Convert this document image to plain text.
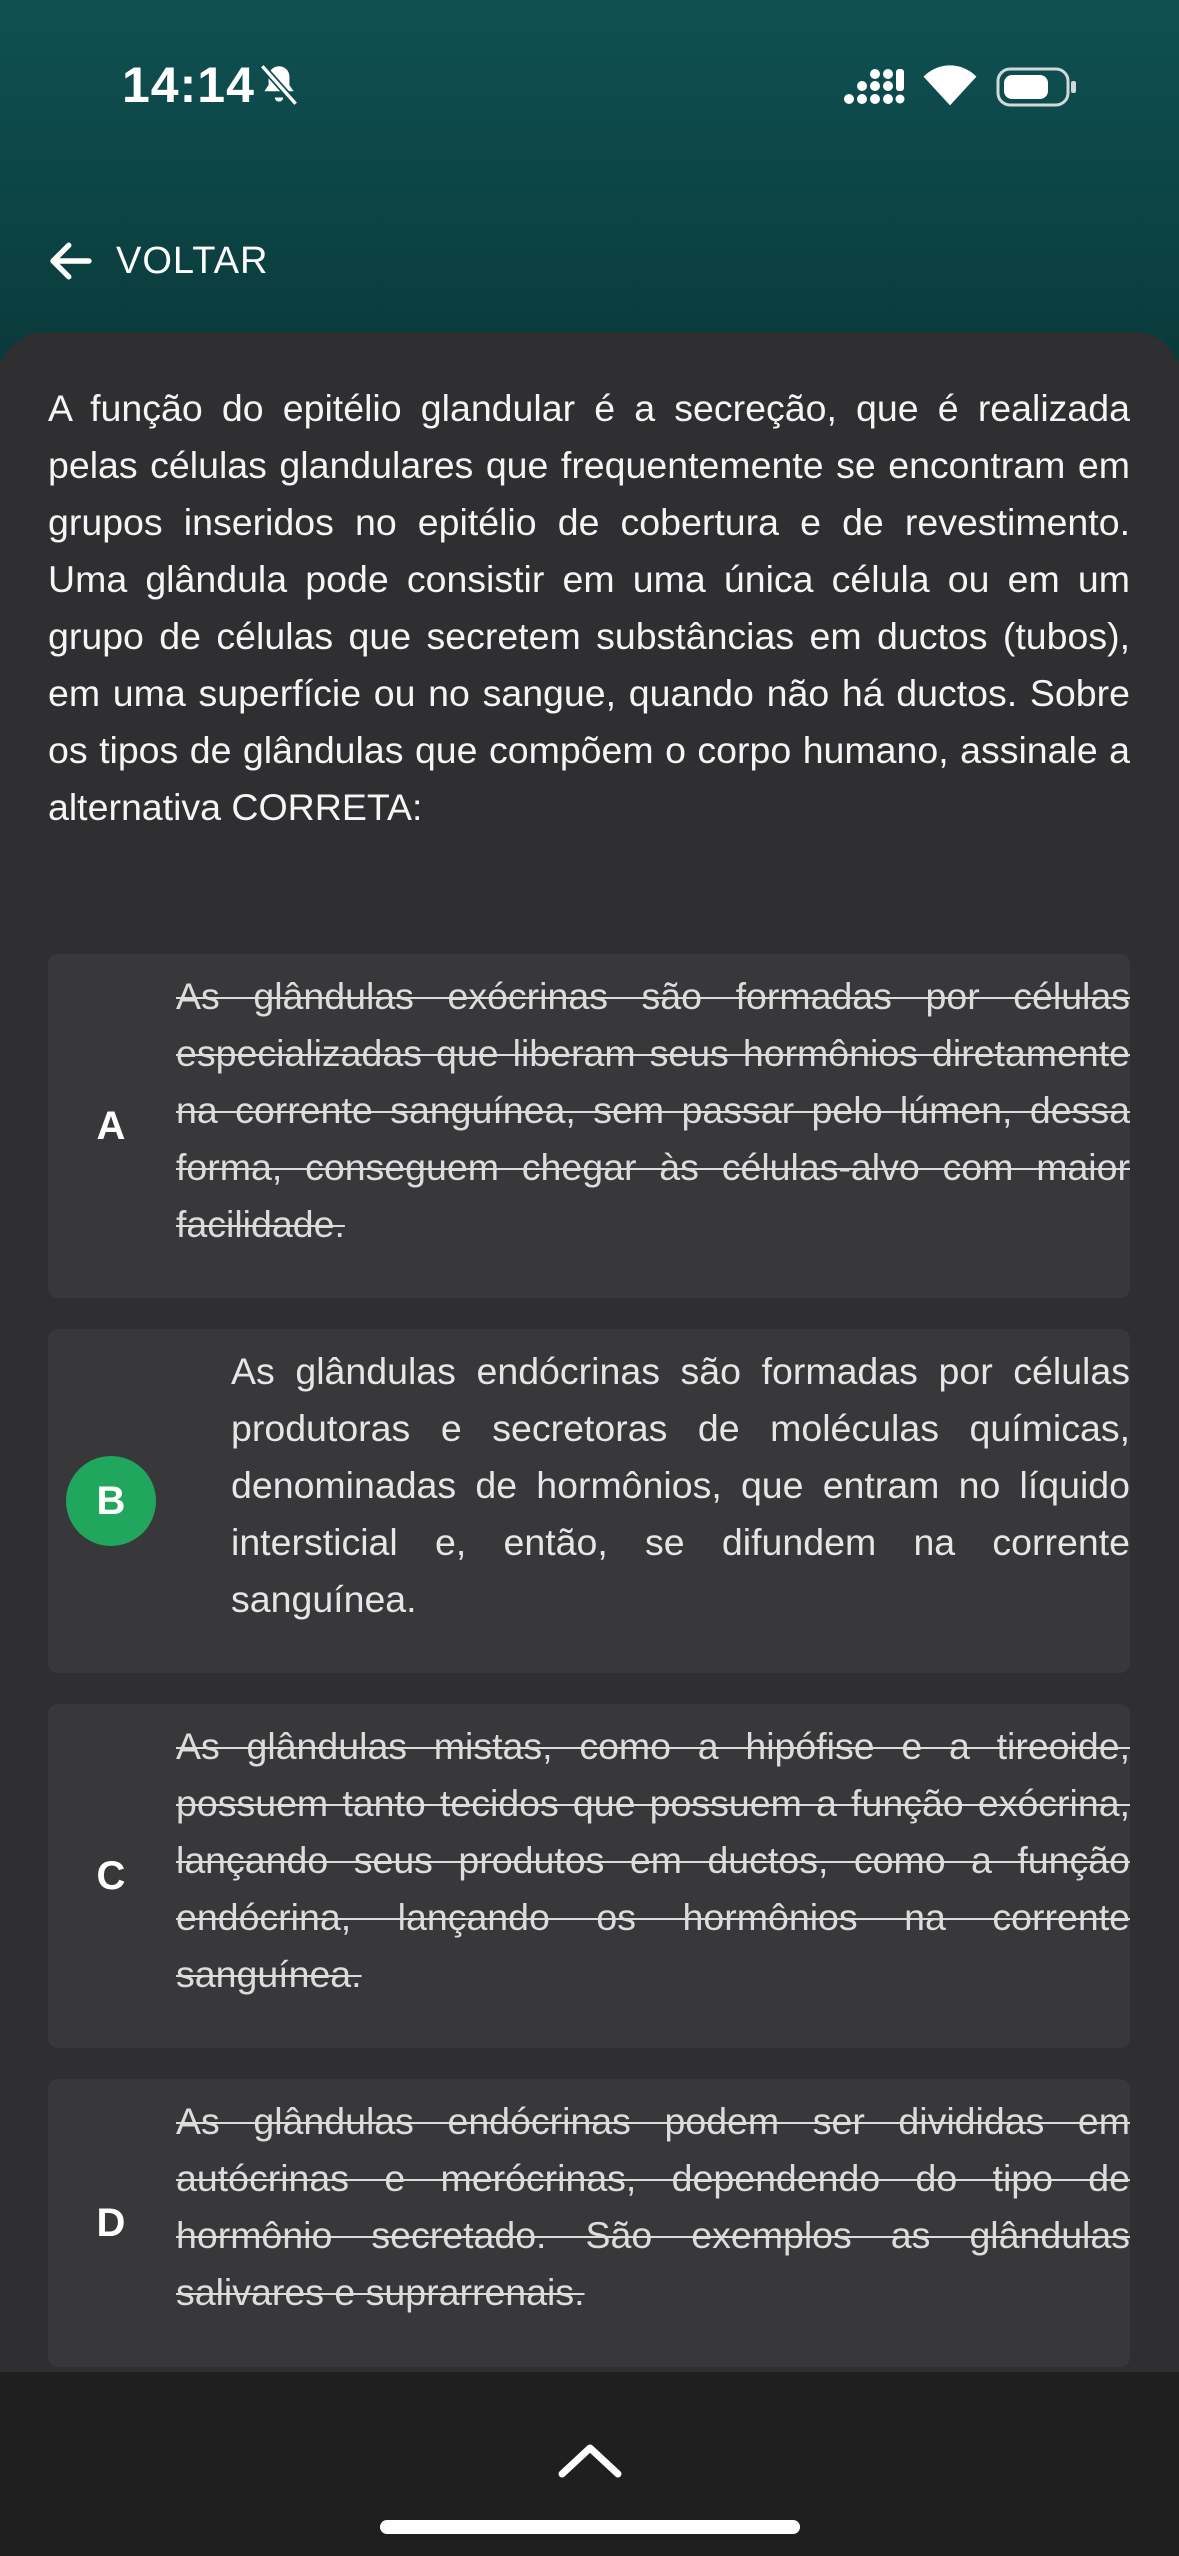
14:14
VOLTAR

A função do epitélio glandular é a secreção, que é realizada pelas células glandulares que frequentemente se encontram em grupos inseridos no epitélio de cobertura e de revestimento. Uma glândula pode consistir em uma única célula ou em um grupo de células que secretem substâncias em ductos (tubos), em uma superfície ou no sangue, quando não há ductos. Sobre os tipos de glândulas que compõem o corpo humano, assinale a alternativa CORRETA:

A

As glândulas exócrinas são formadas por células especializadas que liberam seus hormônios diretamente na corrente sanguínea, sem passar pelo lúmen, dessa forma, conseguem chegar às células-alvo com maior facilidade.

B

As glândulas endócrinas são formadas por células produtoras e secretoras de moléculas químicas, denominadas de hormônios, que entram no líquido intersticial e, então, se difundem na corrente sanguínea.

C

As glândulas mistas, como a hipófise e a tireoide, possuem tanto tecidos que possuem a função exócrina, lançando seus produtos em ductos, como a função endócrina, lançando os hormônios na corrente sanguínea.

D

As glândulas endócrinas podem ser divididas em autócrinas e merócrinas, dependendo do tipo de hormônio secretado. São exemplos as glândulas salivares e suprarrenais.
